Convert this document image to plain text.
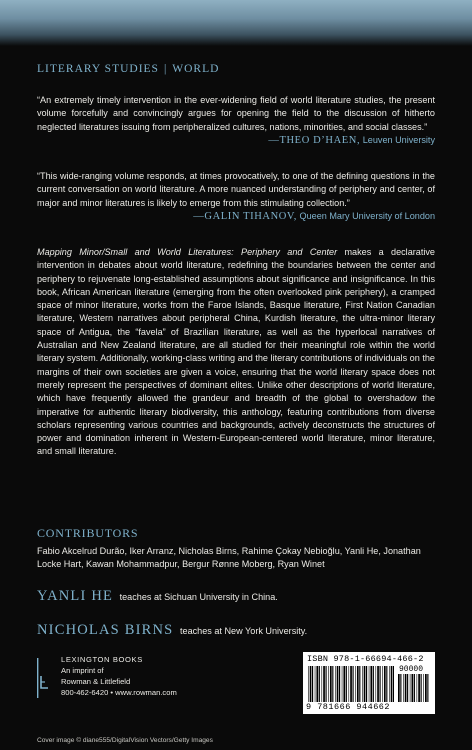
LITERARY STUDIES | WORLD
“An extremely timely intervention in the ever-widening field of world literature studies, the present volume forcefully and convincingly argues for opening the field to the discussion of hitherto neglected literatures issuing from peripheralized cultures, nations, minorities, and social classes.”
—THEO D’HAEN, Leuven University
“This wide-ranging volume responds, at times provocatively, to one of the defining questions in the current conversation on world literature. A more nuanced understanding of periphery and center, of major and minor literatures is likely to emerge from this stimulating collection.”
—GALIN TIHANOV, Queen Mary University of London
Mapping Minor/Small and World Literatures: Periphery and Center makes a declarative intervention in debates about world literature, redefining the boundaries between the center and periphery to rejuvenate long-established assumptions about significance and insignificance. In this book, African American literature (emerging from the often overlooked pink periphery), a cramped space of minor literature, works from the Faroe Islands, Basque literature, First Nation Canadian literature, Western narratives about peripheral China, Kurdish literature, the ultra-minor literary space of Antigua, the “favela” of Brazilian literature, as well as the hyperlocal narratives of Australian and New Zealand literature, are all studied for their meaningful role within the world literary system. Additionally, working-class writing and the literary contributions of individuals on the margins of their own societies are given a voice, ensuring that the world literary space does not merely represent the perspectives of dominant elites. Unlike other descriptions of world literature, which have frequently allowed the grandeur and breadth of the global to overshadow the imperative for authentic literary biodiversity, this anthology, featuring contributions from diverse scholars representing various countries and backgrounds, actively deconstructs the structures of power and domination inherent in Western-European-centered world literature, minor literature, and small literature.
CONTRIBUTORS
Fabio Akcelrud Durão, Iker Arranz, Nicholas Birns, Rahime Çokay Nebioğlu, Yanli He, Jonathan Locke Hart, Kawan Mohammadpur, Bergur Rønne Moberg, Ryan Winet
YANLI HE teaches at Sichuan University in China.
NICHOLAS BIRNS teaches at New York University.
LEXINGTON BOOKS
An imprint of
Rowman & Littlefield
800-462-6420 • www.rowman.com
ISBN 978-1-66694-466-2
90000
9 781666 944662
Cover image © diane555/DigitalVision Vectors/Getty Images
